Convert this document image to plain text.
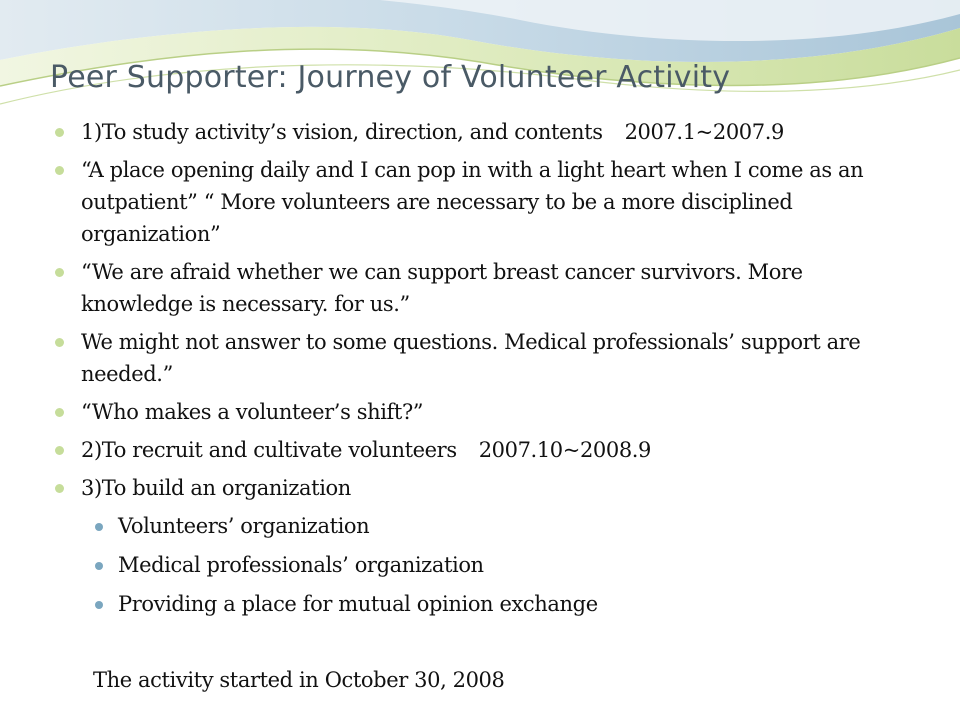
Peer Supporter: Journey of Volunteer Activity
1)To study activity’s vision, direction, and contents 2007.1~2007.9
“A place opening daily and I can pop in with a light heart when I come as an outpatient” “ More volunteers are necessary to be a more disciplined organization”
“We are afraid whether we can support breast cancer survivors. More knowledge is necessary. for us.”
We might not answer to some questions. Medical professionals’ support are needed.”
“Who makes a volunteer’s shift?”
2)To recruit and cultivate volunteers 2007.10~2008.9
3)To build an organization
Volunteers’ organization
Medical professionals’ organization
Providing a place for mutual opinion exchange
The activity started in October 30, 2008
